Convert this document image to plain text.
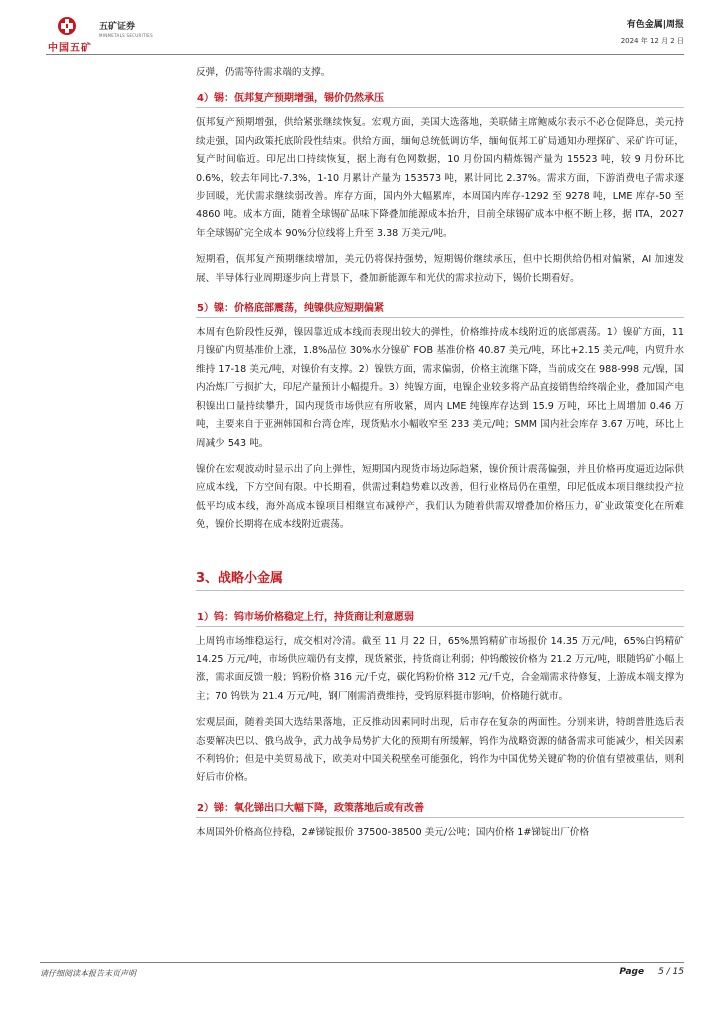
中国五矿
五矿证券
MINMETALS SECURITIES
有色金属|周报
2024 年 12 月 2 日

反弹，仍需等待需求端的支撑。

4）锡：佤邦复产预期增强，锡价仍然承压

佤邦复产预期增强，供给紧张继续恢复。宏观方面，美国大选落地，美联储主席鲍威尔表示不必仓促降息，美元持续走强，国内政策托底阶段性结束。供给方面，缅甸总统低调访华，缅甸佤邦工矿局通知办理探矿、采矿许可证，复产时间临近。印尼出口持续恢复，据上海有色网数据，10 月份国内精炼锡产量为 15523 吨，较 9 月份环比 0.6%，较去年同比-7.3%，1-10 月累计产量为 153573 吨，累计同比 2.37%。需求方面，下游消费电子需求逐步回暖，光伏需求继续弱改善。库存方面，国内外大幅累库，本周国内库存-1292 至 9278 吨，LME 库存-50 至 4860 吨。成本方面，随着全球锡矿品味下降叠加能源成本抬升，目前全球锡矿成本中枢不断上移，据 ITA，2027 年全球锡矿完全成本 90%分位线将上升至 3.38 万美元/吨。

短期看，佤邦复产预期继续增加，美元仍将保持强势，短期锡价继续承压，但中长期供给仍相对偏紧，AI 加速发展、半导体行业周期逐步向上背景下，叠加新能源车和光伏的需求拉动下，锡价长期看好。

5）镍：价格底部震荡，纯镍供应短期偏紧

本周有色阶段性反弹，镍因靠近成本线而表现出较大的弹性，价格维持成本线附近的底部震荡。1）镍矿方面，11 月镍矿内贸基准价上涨，1.8%品位 30%水分镍矿 FOB 基准价格 40.87 美元/吨，环比+2.15 美元/吨，内贸升水维持 17-18 美元/吨，对镍价有支撑。2）镍铁方面，需求偏弱，价格主流继下降，当前成交在 988-998 元/镍，国内冶炼厂亏损扩大，印尼产量预计小幅提升。3）纯镍方面，电镍企业较多将产品直接销售给终端企业，叠加国产电积镍出口量持续攀升，国内现货市场供应有所收紧，周内 LME 纯镍库存达到 15.9 万吨，环比上周增加 0.46 万吨，主要来自于亚洲韩国和台湾仓库，现货贴水小幅收窄至 233 美元/吨；SMM 国内社会库存 3.67 万吨，环比上周减少 543 吨。

镍价在宏观波动时显示出了向上弹性，短期国内现货市场边际趋紧，镍价预计震荡偏强，并且价格再度逼近边际供应成本线，下方空间有限。中长期看，供需过剩趋势难以改善，但行业格局仍在重塑，印尼低成本项目继续投产拉低平均成本线，海外高成本镍项目相继宣布减停产，我们认为随着供需双增叠加价格压力，矿业政策变化在所难免，镍价长期将在成本线附近震荡。

3、战略小金属
1）钨：钨市场价格稳定上行，持货商让利意愿弱

上周钨市场维稳运行，成交相对冷清。截至 11 月 22 日，65%黑钨精矿市场报价 14.35 万元/吨，65%白钨精矿 14.25 万元/吨，市场供应端仍有支撑，现货紧张，持货商让利弱；仲钨酸铵价格为 21.2 万元/吨，眼随钨矿小幅上涨，需求面反馈一般；钨粉价格 316 元/千克，碳化钨粉价格 312 元/千克，合金端需求待修复，上游成本端支撑为主；70 钨铁为 21.4 万元/吨，钢厂刚需消费维持，受钨原料挺市影响，价格随行就市。

宏观层面，随着美国大选结果落地，正反推动因素同时出现，后市存在复杂的两面性。分别来讲，特朗普胜选后表态要解决巴以、俄乌战争，武力战争局势扩大化的预期有所缓解，钨作为战略资源的储备需求可能减少，相关因素不利钨价；但是中美贸易战下，欧美对中国关税壁垒可能强化，钨作为中国优势关键矿物的价值有望被重估，则利好后市价格。

2）锑：氧化锑出口大幅下降，政策落地后或有改善

本周国外价格高位持稳，2#锑锭报价 37500-38500 美元/公吨；国内价格 1#锑锭出厂价格

请仔细阅读本报告末页声明	Page 5 / 15
